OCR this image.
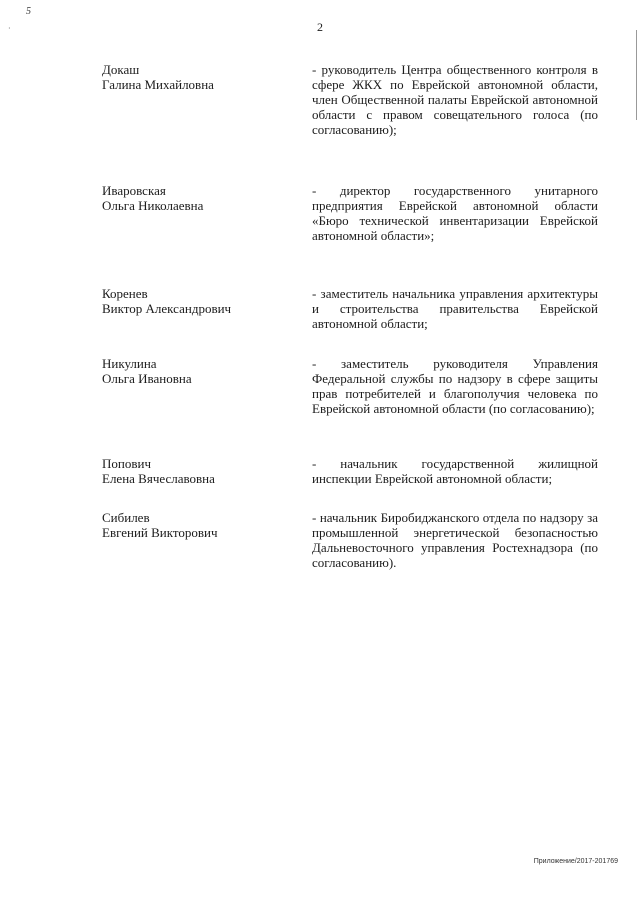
5
·	2
Докаш
Галина Михайловна
- руководитель Центра общественного контроля в сфере ЖКХ по Еврейской автономной области, член Общественной палаты Еврейской автономной области с правом совещательного голоса (по согласованию);
Иваровская
Ольга Николаевна
- директор государственного унитарного предприятия Еврейской автономной области «Бюро технической инвентаризации Еврейской автономной области»;
Коренев
Виктор Александрович
- заместитель начальника управления архитектуры и строительства правительства Еврейской автономной области;
Никулина
Ольга Ивановна
- заместитель руководителя Управления Федеральной службы по надзору в сфере защиты прав потребителей и благополучия человека по Еврейской автономной области (по согласованию);
Попович
Елена Вячеславовна
- начальник государственной жилищной инспекции Еврейской автономной области;
Сибилев
Евгений Викторович
- начальник Биробиджанского отдела по надзору за промышленной энергетической безопасностью Дальневосточного управления Ростехнадзора (по согласованию).
Приложение/2017-201769
